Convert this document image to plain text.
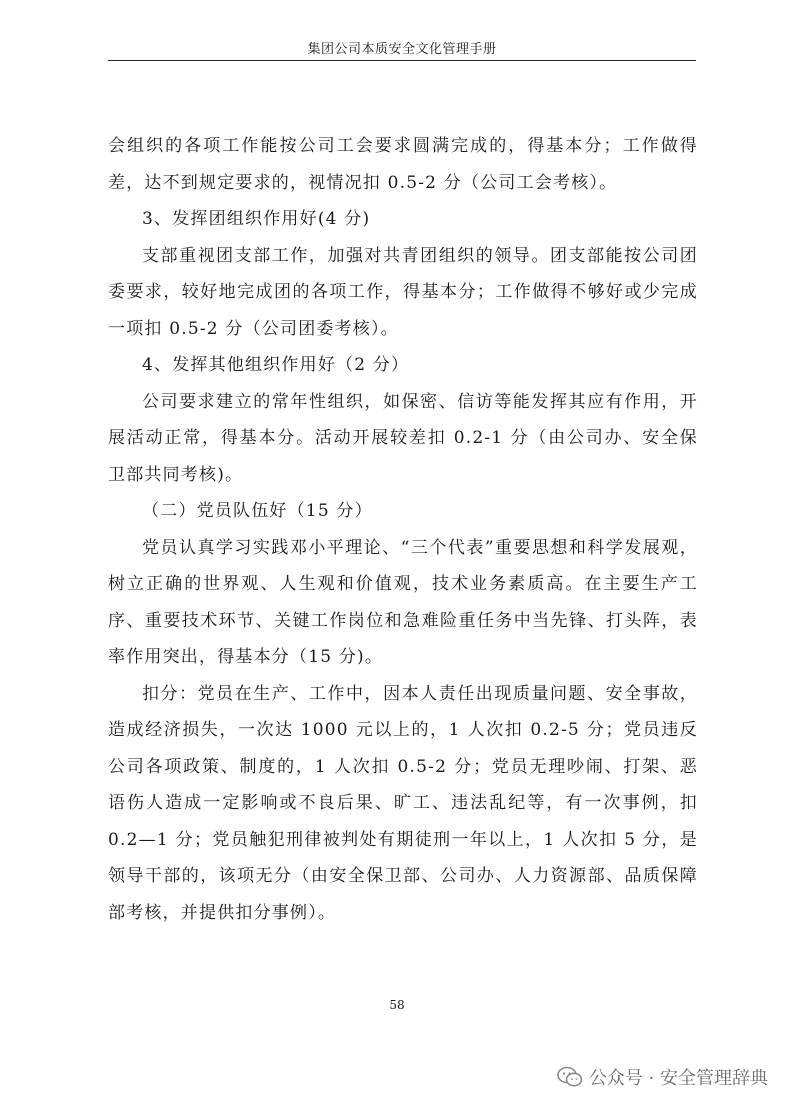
集团公司本质安全文化管理手册

会组织的各项工作能按公司工会要求圆满完成的，得基本分；工作做得差，达不到规定要求的，视情况扣 0.5-2 分（公司工会考核）。

3、发挥团组织作用好(4 分)

支部重视团支部工作，加强对共青团组织的领导。团支部能按公司团委要求，较好地完成团的各项工作，得基本分；工作做得不够好或少完成一项扣 0.5-2 分（公司团委考核）。

4、发挥其他组织作用好（2 分）

公司要求建立的常年性组织，如保密、信访等能发挥其应有作用，开展活动正常，得基本分。活动开展较差扣 0.2-1 分（由公司办、安全保卫部共同考核)。

（二）党员队伍好（15 分）

党员认真学习实践邓小平理论、“三个代表”重要思想和科学发展观，树立正确的世界观、人生观和价值观，技术业务素质高。在主要生产工序、重要技术环节、关键工作岗位和急难险重任务中当先锋、打头阵，表率作用突出，得基本分（15 分)。

扣分：党员在生产、工作中，因本人责任出现质量问题、安全事故，造成经济损失，一次达 1000 元以上的，1 人次扣 0.2-5 分；党员违反公司各项政策、制度的，1 人次扣 0.5-2 分；党员无理吵闹、打架、恶语伤人造成一定影响或不良后果、旷工、违法乱纪等，有一次事例，扣 0.2—1 分；党员触犯刑律被判处有期徒刑一年以上，1 人次扣 5 分，是领导干部的，该项无分（由安全保卫部、公司办、人力资源部、品质保障部考核，并提供扣分事例）。

58
公众号 · 安全管理辞典
